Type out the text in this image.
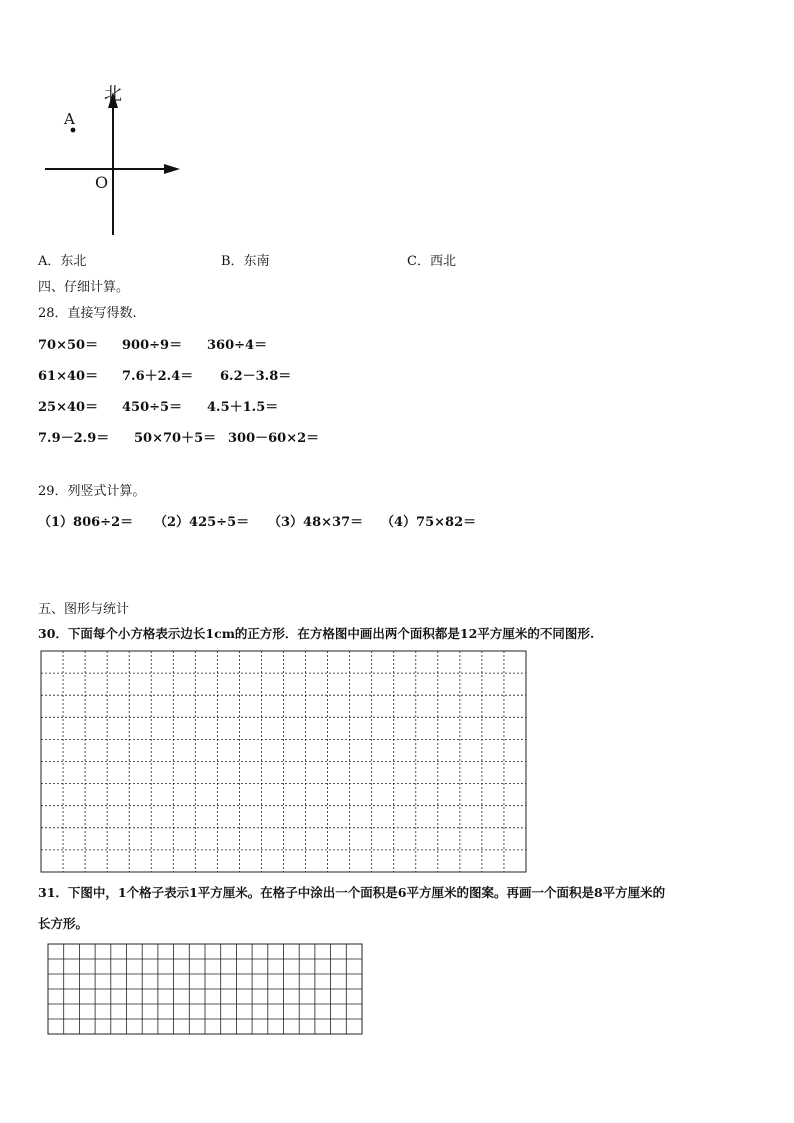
北
A
O
A．东北	B．东南	C．西北
四、仔细计算。
28．直接写得数.
70×50＝ 900÷9＝ 360÷4＝
61×40＝ 7.6＋2.4＝ 6.2－3.8＝
25×40＝ 450÷5＝ 4.5＋1.5＝
7.9－2.9＝ 50×70＋5＝ 300－60×2＝
29．列竖式计算。
（1）806÷2＝ （2）425÷5＝ （3）48×37＝ （4）75×82＝
五、图形与统计
30．下面每个小方格表示边长1cm的正方形．在方格图中画出两个面积都是12平方厘米的不同图形.
31．下图中，1个格子表示1平方厘米。在格子中涂出一个面积是6平方厘米的图案。再画一个面积是8平方厘米的
长方形。
